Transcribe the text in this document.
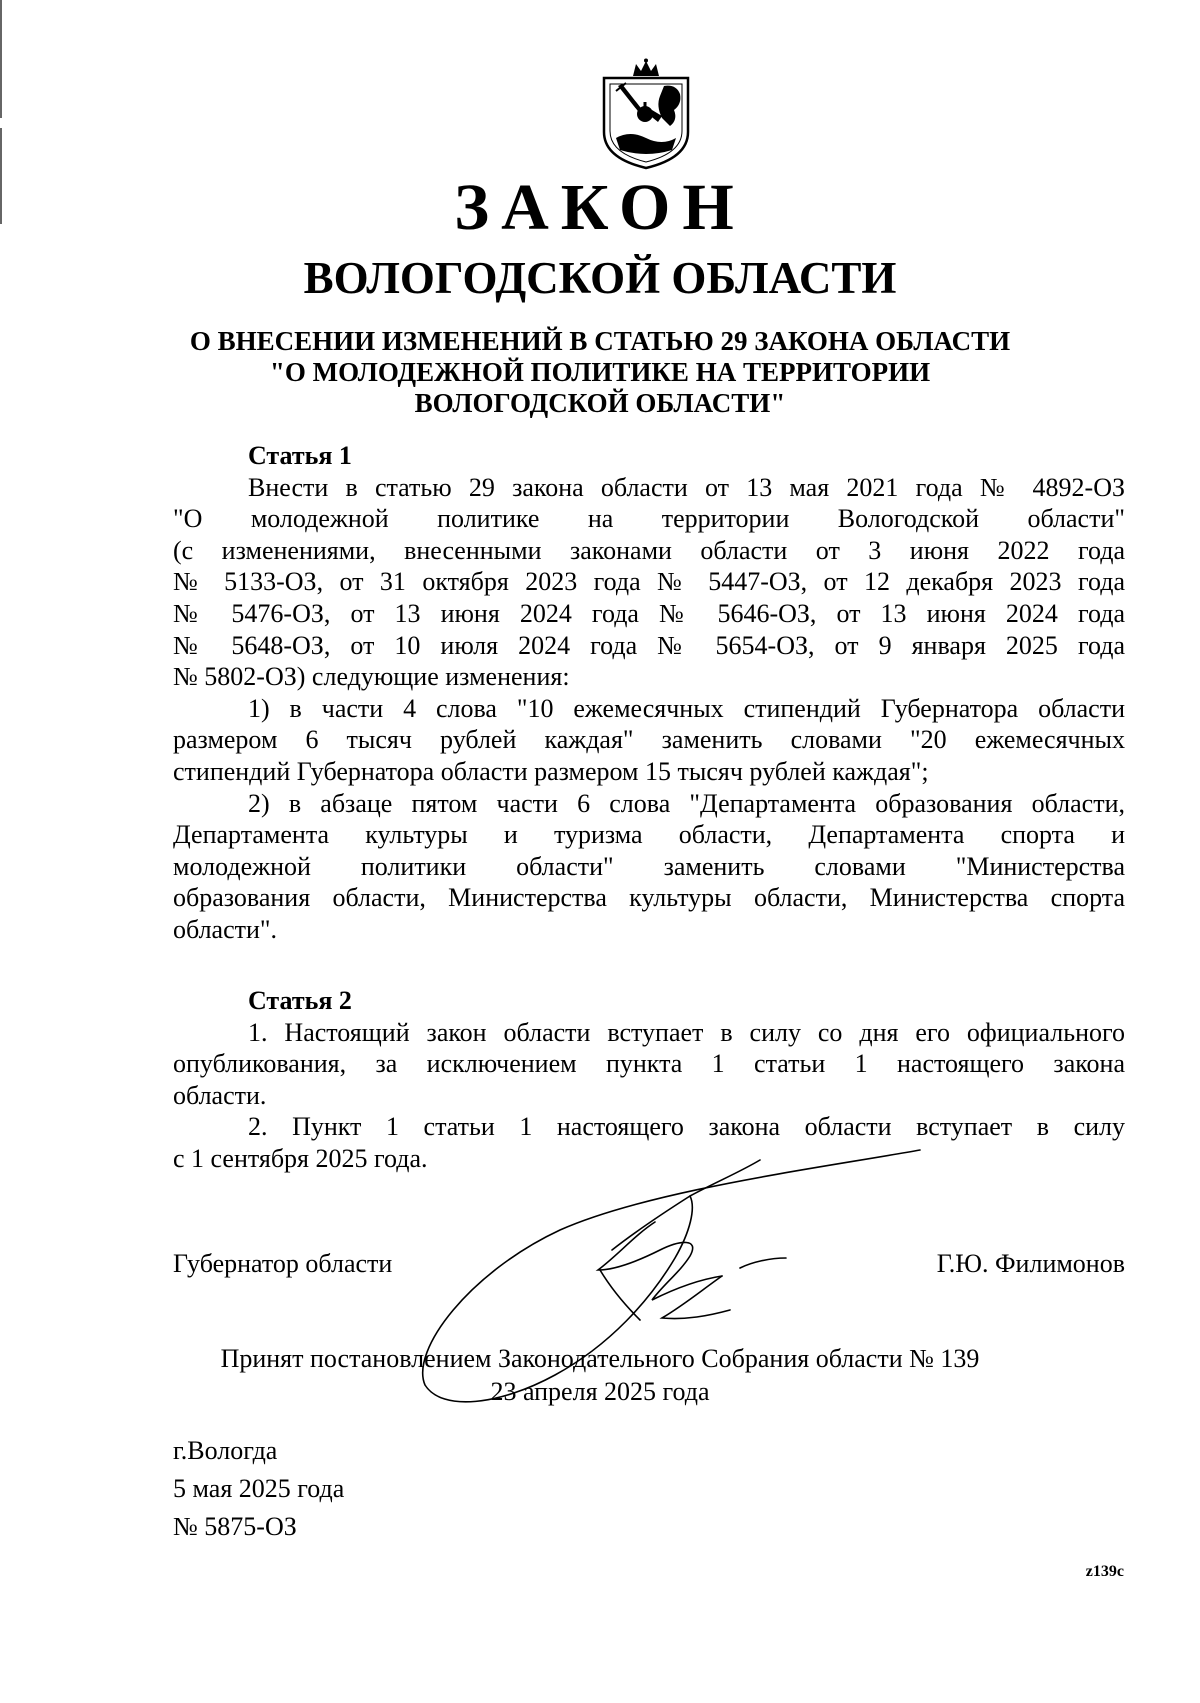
ЗАКОН
ВОЛОГОДСКОЙ ОБЛАСТИ
О ВНЕСЕНИИ ИЗМЕНЕНИЙ В СТАТЬЮ 29 ЗАКОНА ОБЛАСТИ
"О МОЛОДЕЖНОЙ ПОЛИТИКЕ НА ТЕРРИТОРИИ
ВОЛОГОДСКОЙ ОБЛАСТИ"
Статья 1
Внести в статью 29 закона области от 13 мая 2021 года № 4892-ОЗ
"О молодежной политике на территории Вологодской области"
(с изменениями, внесенными законами области от 3 июня 2022 года
№ 5133-ОЗ, от 31 октября 2023 года № 5447-ОЗ, от 12 декабря 2023 года
№ 5476-ОЗ, от 13 июня 2024 года № 5646-ОЗ, от 13 июня 2024 года
№ 5648-ОЗ, от 10 июля 2024 года № 5654-ОЗ, от 9 января 2025 года
№ 5802-ОЗ) следующие изменения:
1) в части 4 слова "10 ежемесячных стипендий Губернатора области
размером 6 тысяч рублей каждая" заменить словами "20 ежемесячных
стипендий Губернатора области размером 15 тысяч рублей каждая";
2) в абзаце пятом части 6 слова "Департамента образования области,
Департамента культуры и туризма области, Департамента спорта и
молодежной политики области" заменить словами "Министерства
образования области, Министерства культуры области, Министерства спорта
области".
Статья 2
1. Настоящий закон области вступает в силу со дня его официального
опубликования, за исключением пункта 1 статьи 1 настоящего закона
области.
2. Пункт 1 статьи 1 настоящего закона области вступает в силу
с 1 сентября 2025 года.
Губернатор области	Г.Ю. Филимонов
Принят постановлением Законодательного Собрания области № 139
23 апреля 2025 года
г.Вологда
5 мая 2025 года
№ 5875-ОЗ
z139c
